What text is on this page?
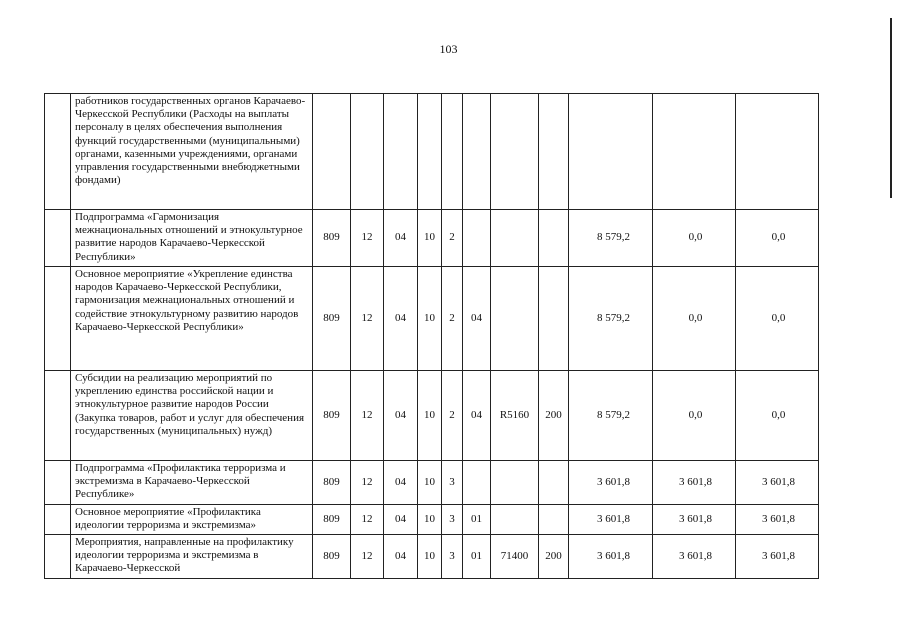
103
	работников государственных органов Карачаево-Черкесской Республики (Расходы на выплаты персоналу в целях обеспечения выполнения функций государственными (муниципальными) органами, казенными учреждениями, органами управления государственными внебюджетными фондами)											
	Подпрограмма «Гармонизация межнациональных отношений и этнокультурное развитие народов Карачаево-Черкесской Республики»	809	12	04	10	2				8 579,2	0,0	0,0
	Основное мероприятие «Укрепление единства народов Карачаево-Черкесской Республики, гармонизация межнациональных отношений и содействие этнокультурному развитию народов Карачаево-Черкесской Республики»	809	12	04	10	2	04			8 579,2	0,0	0,0
	Субсидии на реализацию мероприятий по укреплению единства российской нации и этнокультурное развитие народов России (Закупка товаров, работ и услуг для обеспечения государственных (муниципальных) нужд)	809	12	04	10	2	04	R5160	200	8 579,2	0,0	0,0
	Подпрограмма «Профилактика терроризма и экстремизма в Карачаево-Черкесской Республике»	809	12	04	10	3				3 601,8	3 601,8	3 601,8
	Основное мероприятие «Профилактика идеологии терроризма и экстремизма»	809	12	04	10	3	01			3 601,8	3 601,8	3 601,8
	Мероприятия, направленные на профилактику идеологии терроризма и экстремизма в Карачаево-Черкесской	809	12	04	10	3	01	71400	200	3 601,8	3 601,8	3 601,8
